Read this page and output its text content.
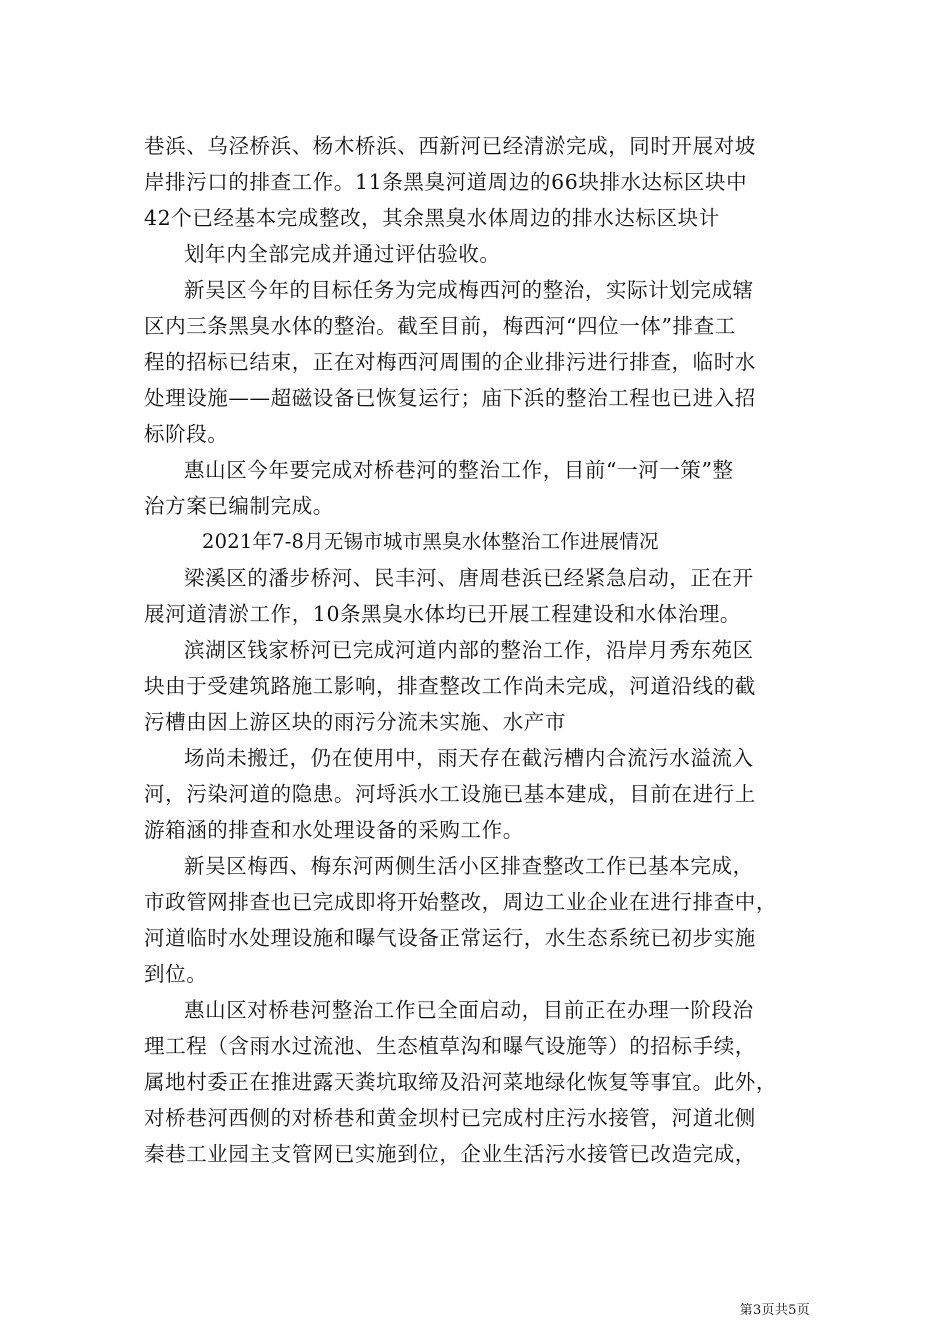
巷浜、乌泾桥浜、杨木桥浜、西新河已经清淤完成，同时开展对坡
岸排污口的排查工作。11条黑臭河道周边的66块排水达标区块中
42个已经基本完成整改，其余黑臭水体周边的排水达标区块计
划年内全部完成并通过评估验收。
新吴区今年的目标任务为完成梅西河的整治，实际计划完成辖
区内三条黑臭水体的整治。截至目前，梅西河“四位一体”排查工
程的招标已结束，正在对梅西河周围的企业排污进行排查，临时水
处理设施——超磁设备已恢复运行；庙下浜的整治工程也已进入招
标阶段。
惠山区今年要完成对桥巷河的整治工作，目前“一河一策”整
治方案已编制完成。
2021年7-8月无锡市城市黑臭水体整治工作进展情况
梁溪区的潘步桥河、民丰河、唐周巷浜已经紧急启动，正在开
展河道清淤工作，10条黑臭水体均已开展工程建设和水体治理。
滨湖区钱家桥河已完成河道内部的整治工作，沿岸月秀东苑区
块由于受建筑路施工影响，排查整改工作尚未完成，河道沿线的截
污槽由因上游区块的雨污分流未实施、水产市
场尚未搬迁，仍在使用中，雨天存在截污槽内合流污水溢流入
河，污染河道的隐患。河埒浜水工设施已基本建成，目前在进行上
游箱涵的排查和水处理设备的采购工作。
新吴区梅西、梅东河两侧生活小区排查整改工作已基本完成，
市政管网排查也已完成即将开始整改，周边工业企业在进行排查中，
河道临时水处理设施和曝气设备正常运行，水生态系统已初步实施
到位。
惠山区对桥巷河整治工作已全面启动，目前正在办理一阶段治
理工程（含雨水过流池、生态植草沟和曝气设施等）的招标手续，
属地村委正在推进露天粪坑取缔及沿河菜地绿化恢复等事宜。此外，
对桥巷河西侧的对桥巷和黄金坝村已完成村庄污水接管，河道北侧
秦巷工业园主支管网已实施到位，企业生活污水接管已改造完成，
第3页共5页
